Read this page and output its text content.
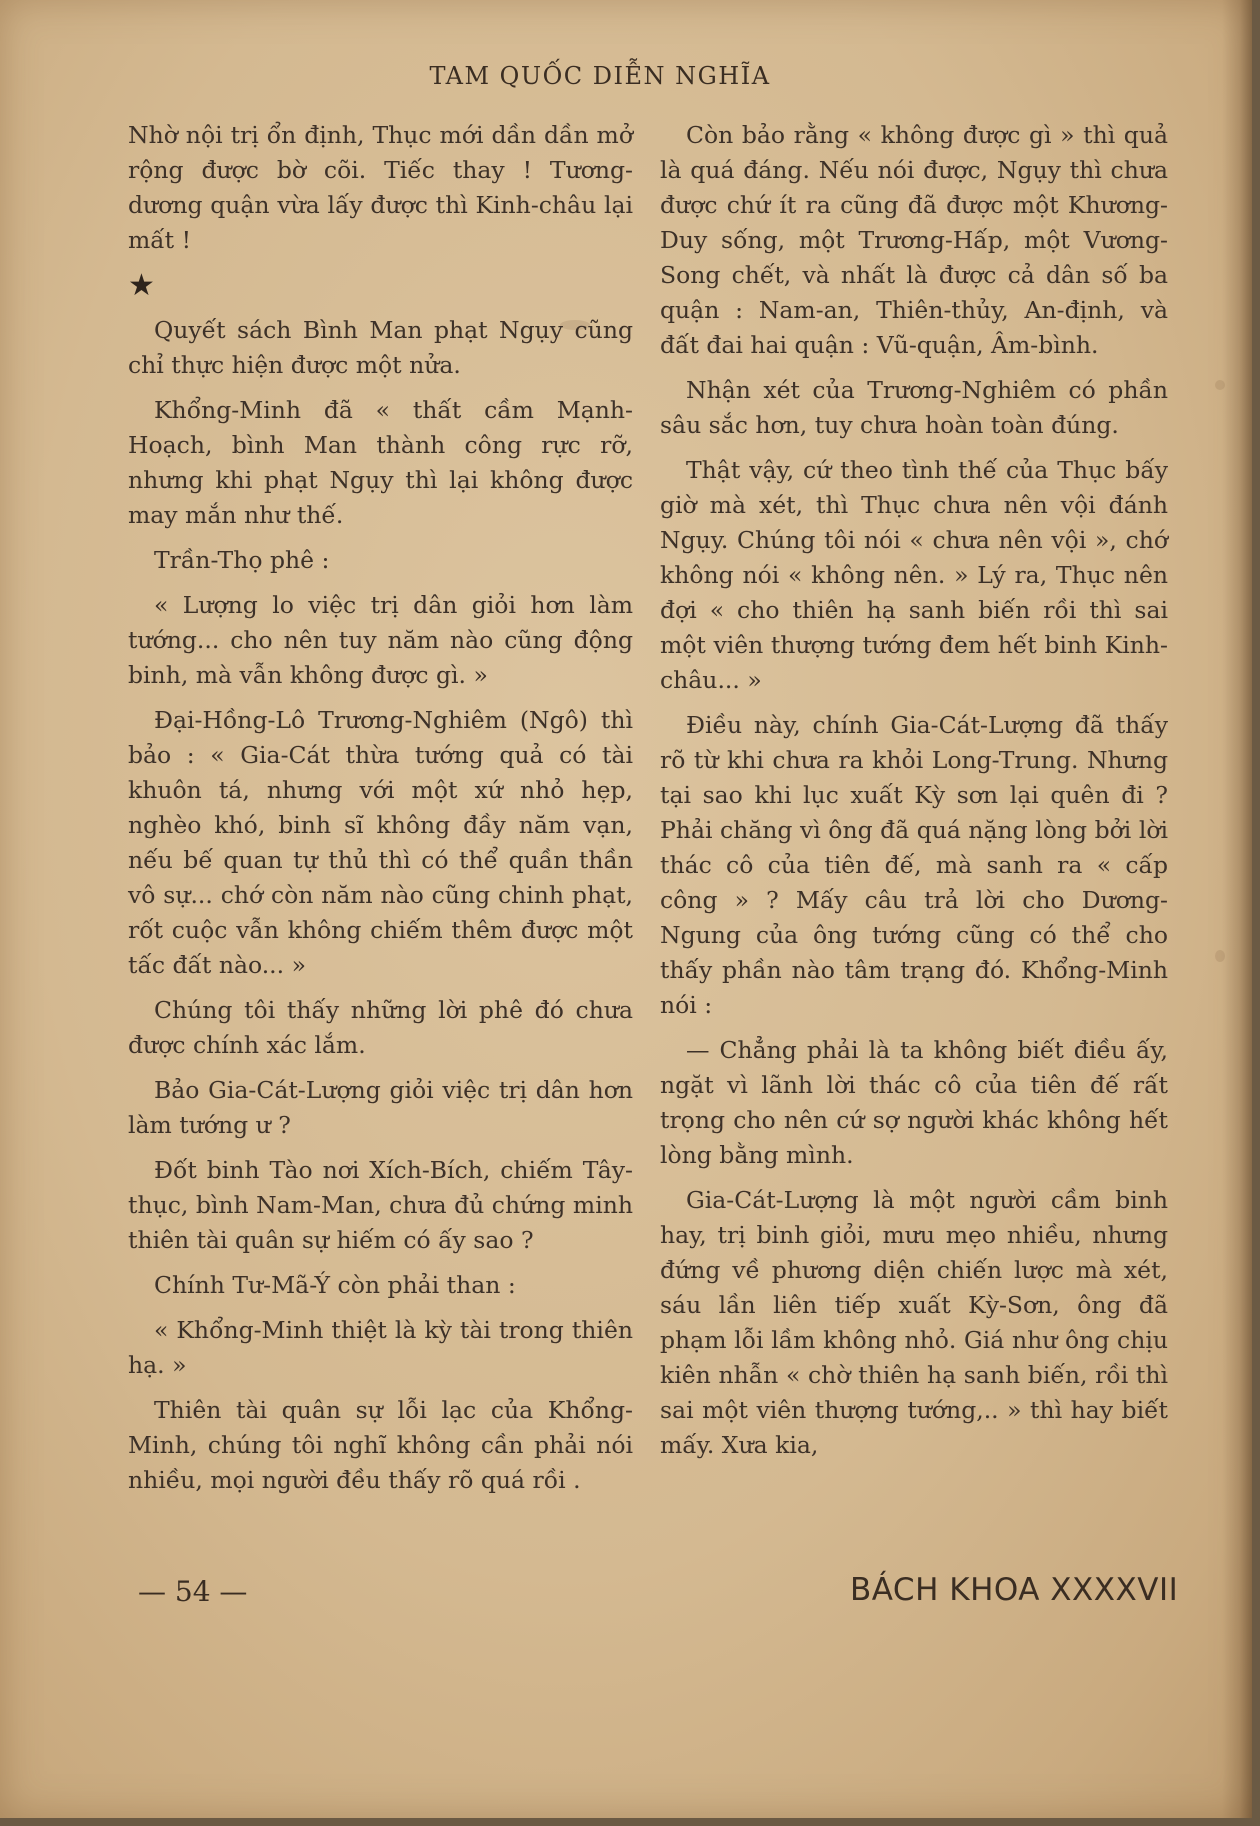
TAM QUỐC DIỄN NGHĨA

Nhờ nội trị ổn định, Thục mới dần dần mở rộng được bờ cõi. Tiếc thay ! Tương-dương quận vừa lấy được thì Kinh-châu lại mất !

★

Quyết sách Bình Man phạt Ngụy cũng chỉ thực hiện được một nửa.

Khổng-Minh đã « thất cầm Mạnh-Hoạch, bình Man thành công rực rỡ, nhưng khi phạt Ngụy thì lại không được may mắn như thế.

Trần-Thọ phê :

« Lượng lo việc trị dân giỏi hơn làm tướng... cho nên tuy năm nào cũng động binh, mà vẫn không được gì. »

Đại-Hồng-Lô Trương-Nghiêm (Ngô) thì bảo : « Gia-Cát thừa tướng quả có tài khuôn tá, nhưng với một xứ nhỏ hẹp, nghèo khó, binh sĩ không đầy năm vạn, nếu bế quan tự thủ thì có thể quần thần vô sự... chớ còn năm nào cũng chinh phạt, rốt cuộc vẫn không chiếm thêm được một tấc đất nào... »

Chúng tôi thấy những lời phê đó chưa được chính xác lắm.

Bảo Gia-Cát-Lượng giỏi việc trị dân hơn làm tướng ư ?

Đốt binh Tào nơi Xích-Bích, chiếm Tây-thục, bình Nam-Man, chưa đủ chứng minh thiên tài quân sự hiếm có ấy sao ?

Chính Tư-Mã-Ý còn phải than :

« Khổng-Minh thiệt là kỳ tài trong thiên hạ. »

Thiên tài quân sự lỗi lạc của Khổng-Minh, chúng tôi nghĩ không cần phải nói nhiều, mọi người đều thấy rõ quá rồi .

Còn bảo rằng « không được gì » thì quả là quá đáng. Nếu nói được, Ngụy thì chưa được chứ ít ra cũng đã được một Khương-Duy sống, một Trương-Hấp, một Vương-Song chết, và nhất là được cả dân số ba quận : Nam-an, Thiên-thủy, An-định, và đất đai hai quận : Vũ-quận, Âm-bình.

Nhận xét của Trương-Nghiêm có phần sâu sắc hơn, tuy chưa hoàn toàn đúng.

Thật vậy, cứ theo tình thế của Thục bấy giờ mà xét, thì Thục chưa nên vội đánh Ngụy. Chúng tôi nói « chưa nên vội », chớ không nói « không nên. » Lý ra, Thục nên đợi « cho thiên hạ sanh biến rồi thì sai một viên thượng tướng đem hết binh Kinh-châu... »

Điều này, chính Gia-Cát-Lượng đã thấy rõ từ khi chưa ra khỏi Long-Trung. Nhưng tại sao khi lục xuất Kỳ sơn lại quên đi ? Phải chăng vì ông đã quá nặng lòng bởi lời thác cô của tiên đế, mà sanh ra « cấp công » ? Mấy câu trả lời cho Dương-Ngung của ông tướng cũng có thể cho thấy phần nào tâm trạng đó. Khổng-Minh nói :

— Chẳng phải là ta không biết điều ấy, ngặt vì lãnh lời thác cô của tiên đế rất trọng cho nên cứ sợ người khác không hết lòng bằng mình.

Gia-Cát-Lượng là một người cầm binh hay, trị binh giỏi, mưu mẹo nhiều, nhưng đứng về phương diện chiến lược mà xét, sáu lần liên tiếp xuất Kỳ-Sơn, ông đã phạm lỗi lầm không nhỏ. Giá như ông chịu kiên nhẫn « chờ thiên hạ sanh biến, rồi thì sai một viên thượng tướng,.. » thì hay biết mấy. Xưa kia,

— 54 —	BÁCH KHOA XXXXVII
